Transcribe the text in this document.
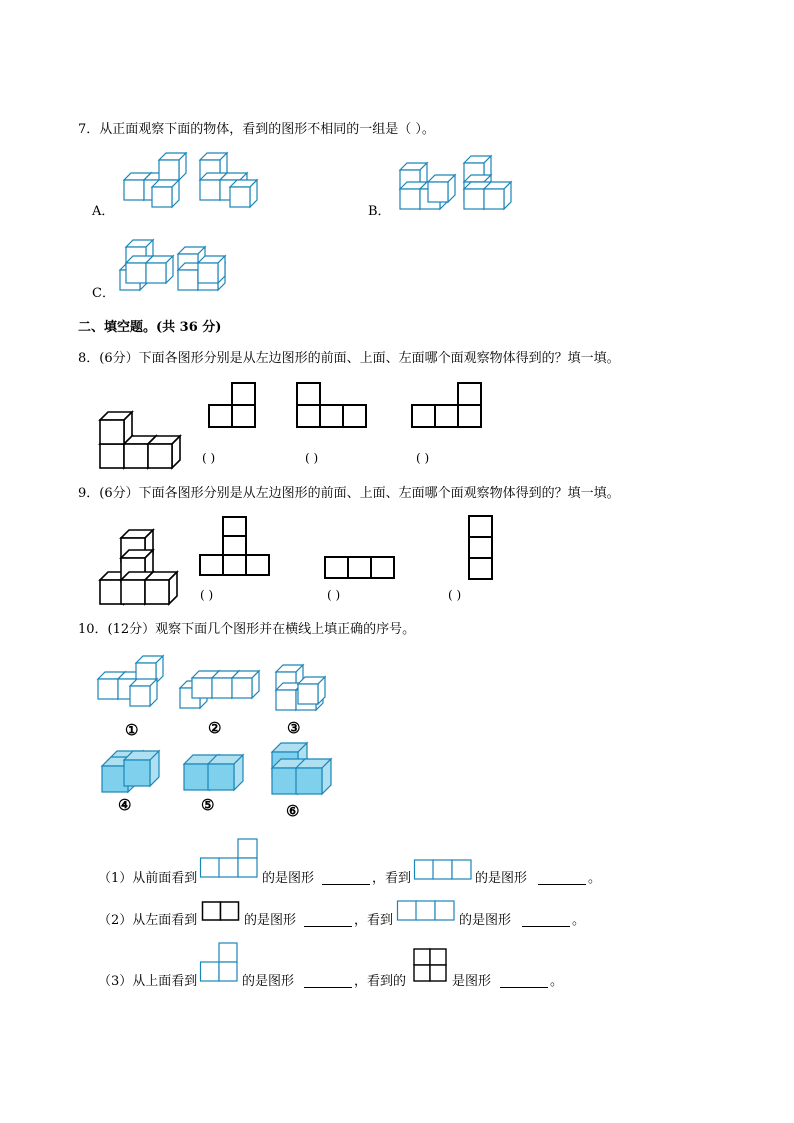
7．从正面观察下面的物体，看到的图形不相同的一组是（ ）。
A．	B．
C．
二、填空题。(共 36 分)
8．(6分）下面各图形分别是从左边图形的前面、上面、左面哪个面观察物体得到的？填一填。
( )	( )	( )
9．(6分）下面各图形分别是从左边图形的前面、上面、左面哪个面观察物体得到的？填一填。
( )	( )	( )
10．(12分）观察下面几个图形并在横线上填正确的序号。
①	②	③
④	⑤	⑥
（1）从前面看到	的是图形	，看到	的是图形	。
（2）从左面看到	的是图形	，看到	的是图形	。
（3）从上面看到	的是图形	，看到的	是图形	。
